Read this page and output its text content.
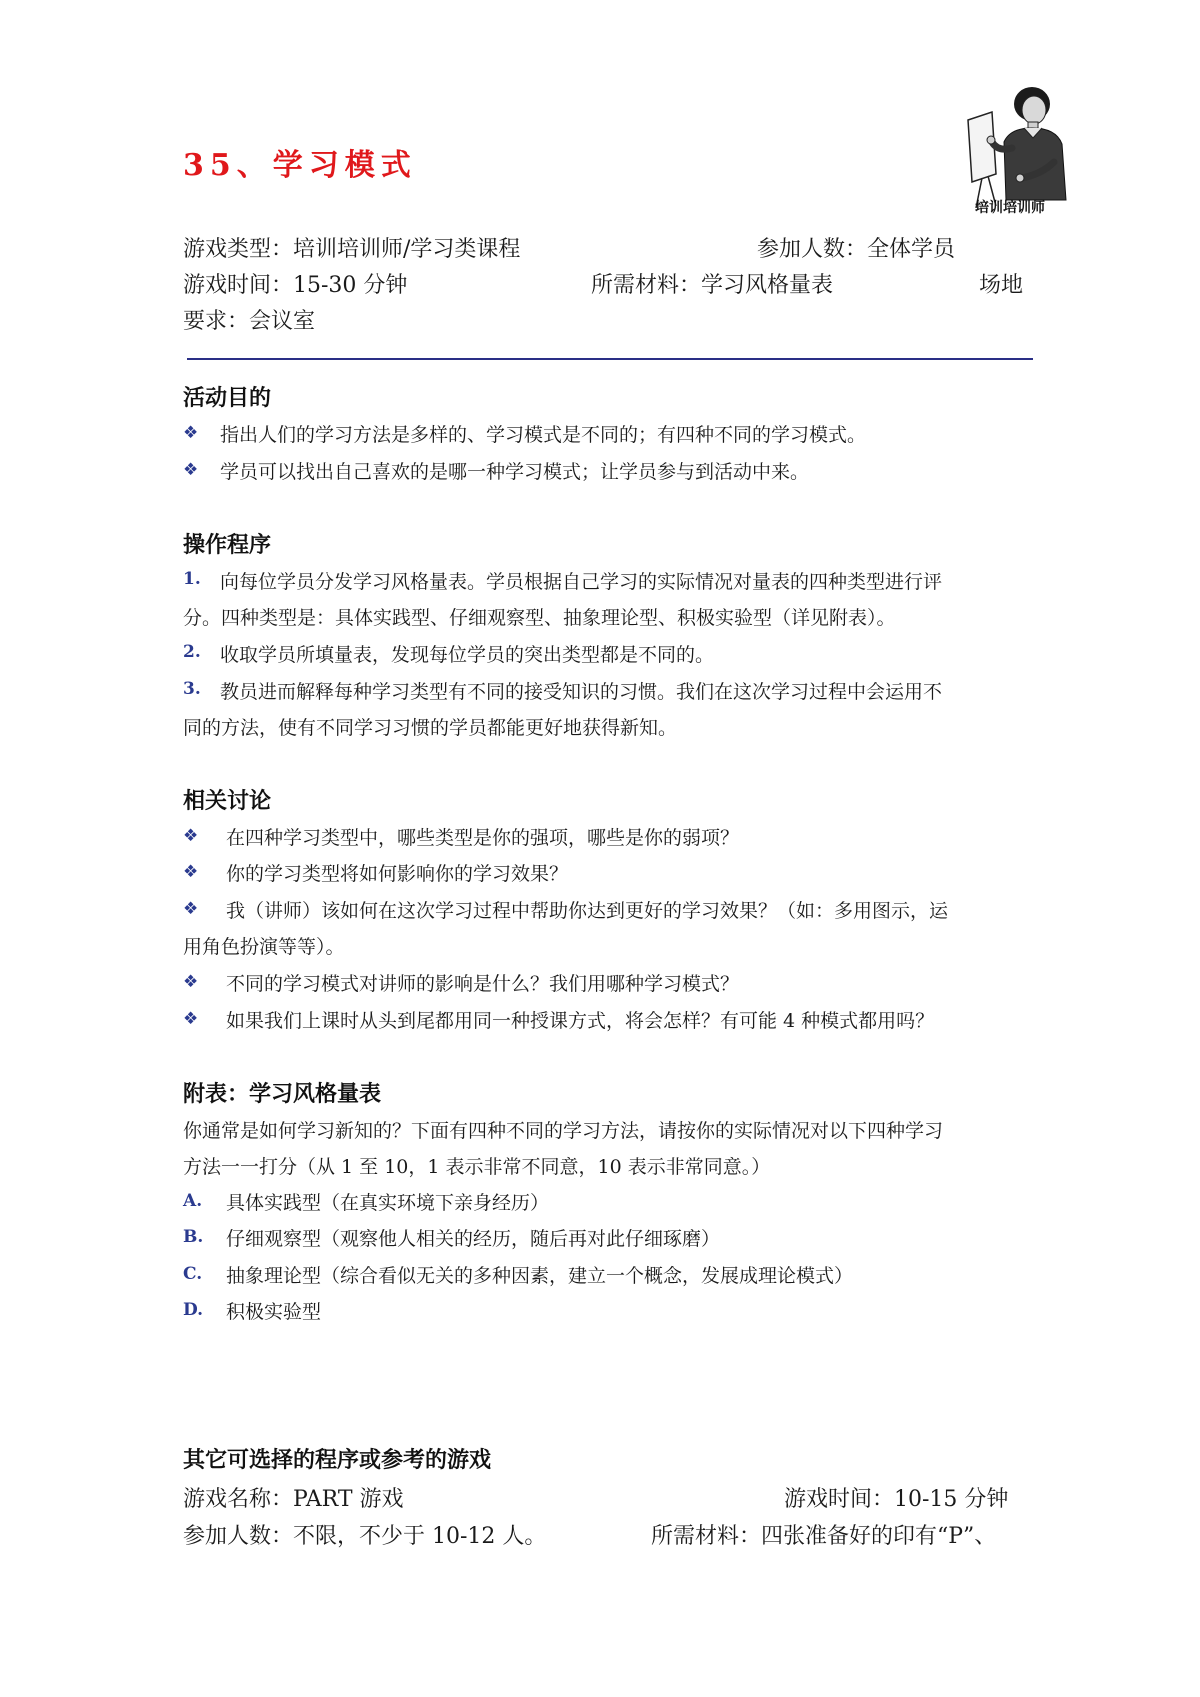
35、学习模式
培训培训师
游戏类型：培训培训师/学习类课程	参加人数：全体学员
游戏时间：15-30 分钟	所需材料：学习风格量表	场地
要求：会议室
活动目的
❖ 指出人们的学习方法是多样的、学习模式是不同的；有四种不同的学习模式。
❖ 学员可以找出自己喜欢的是哪一种学习模式；让学员参与到活动中来。
操作程序
1. 向每位学员分发学习风格量表。学员根据自己学习的实际情况对量表的四种类型进行评
分。四种类型是：具体实践型、仔细观察型、抽象理论型、积极实验型（详见附表）。
2. 收取学员所填量表，发现每位学员的突出类型都是不同的。
3. 教员进而解释每种学习类型有不同的接受知识的习惯。我们在这次学习过程中会运用不
同的方法，使有不同学习习惯的学员都能更好地获得新知。
相关讨论
❖ 在四种学习类型中，哪些类型是你的强项，哪些是你的弱项？
❖ 你的学习类型将如何影响你的学习效果？
❖ 我（讲师）该如何在这次学习过程中帮助你达到更好的学习效果？（如：多用图示，运
用角色扮演等等）。
❖ 不同的学习模式对讲师的影响是什么？我们用哪种学习模式？
❖ 如果我们上课时从头到尾都用同一种授课方式，将会怎样？有可能 4 种模式都用吗？
附表：学习风格量表
你通常是如何学习新知的？下面有四种不同的学习方法，请按你的实际情况对以下四种学习
方法一一打分（从 1 至 10，1 表示非常不同意，10 表示非常同意。）
A. 具体实践型（在真实环境下亲身经历）
B. 仔细观察型（观察他人相关的经历，随后再对此仔细琢磨）
C. 抽象理论型（综合看似无关的多种因素，建立一个概念，发展成理论模式）
D. 积极实验型
其它可选择的程序或参考的游戏
游戏名称：PART 游戏	游戏时间：10-15 分钟
参加人数：不限，不少于 10-12 人。	所需材料：四张准备好的印有“P”、
